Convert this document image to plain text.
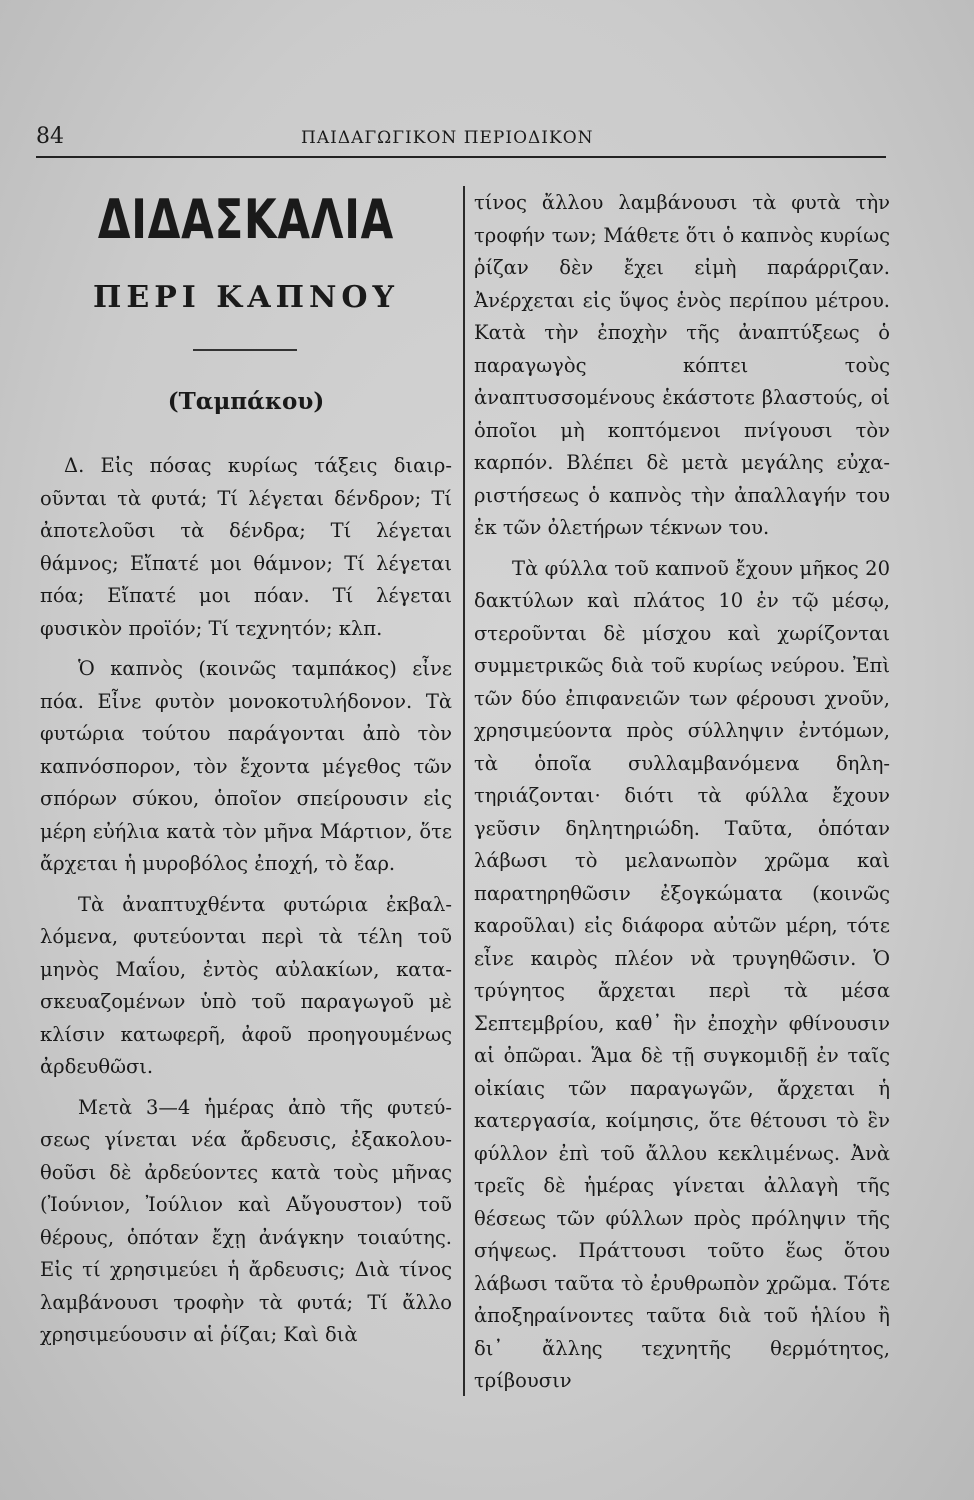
84	ΠΑΙΔΑΓΩΓΙΚΟΝ ΠΕΡΙΟΔΙΚΟΝ
ΔΙΔΑΣΚΑΛΙΑ
ΠΕΡΙ ΚΑΠΝΟΥ
(Ταμπάκου)

Δ. Εἰς πόσας κυρίως τάξεις διαιροῦνται τὰ φυτά; Τί λέγεται δένδρον; Τί ἀποτελοῦσι τὰ δένδρα; Τί λέγεται θάμνος; Εἴπατέ μοι θάμνον; Τί λέγεται πόα; Εἴπατέ μοι πόαν. Τί λέγεται φυσικὸν προϊόν; Τί τεχνητόν; κλπ.

Ὁ καπνὸς (κοινῶς ταμπάκος) εἶνε πόα. Εἶνε φυτὸν μονοκοτυλήδονον. Τὰ φυτώρια τούτου παράγονται ἀπὸ τὸν καπνόσπορον, τὸν ἔχοντα μέγεθος τῶν σπόρων σύκου, ὁποῖον σπείρουσιν εἰς μέρη εὐήλια κατὰ τὸν μῆνα Μάρτιον, ὅτε ἄρχεται ἡ μυροβόλος ἐποχή, τὸ ἔαρ.

Τὰ ἀναπτυχθέντα φυτώρια ἐκβαλλόμενα, φυτεύονται περὶ τὰ τέλη τοῦ μηνὸς Μαΐου, ἐντὸς αὐλακίων, κατασκευαζομένων ὑπὸ τοῦ παραγωγοῦ μὲ κλίσιν κατωφερῆ, ἀφοῦ προηγουμένως ἀρδευθῶσι.

Μετὰ 3—4 ἡμέρας ἀπὸ τῆς φυτεύσεως γίνεται νέα ἄρδευσις, ἐξακολουθοῦσι δὲ ἀρδεύοντες κατὰ τοὺς μῆνας (Ἰούνιον, Ἰούλιον καὶ Αὔγουστον) τοῦ θέρους, ὁπόταν ἔχῃ ἀνάγκην τοιαύτης. Εἰς τί χρησιμεύει ἡ ἄρδευσις; Διὰ τίνος λαμβάνουσι τροφὴν τὰ φυτά; Τί ἄλλο χρησιμεύουσιν αἱ ῥίζαι; Καὶ διὰ

τίνος ἄλλου λαμβάνουσι τὰ φυτὰ τὴν τροφήν των; Μάθετε ὅτι ὁ καπνὸς κυρίως ῥίζαν δὲν ἔχει εἰμὴ παράρριζαν. Ἀνέρχεται εἰς ὕψος ἑνὸς περίπου μέτρου. Κατὰ τὴν ἐποχὴν τῆς ἀναπτύξεως ὁ παραγωγὸς κόπτει τοὺς ἀναπτυσσομένους ἑκάστοτε βλαστούς, οἱ ὁποῖοι μὴ κοπτόμενοι πνίγουσι τὸν καρπόν. Βλέπει δὲ μετὰ μεγάλης εὐχαριστήσεως ὁ καπνὸς τὴν ἀπαλλαγήν του ἐκ τῶν ὀλετήρων τέκνων του.

Τὰ φύλλα τοῦ καπνοῦ ἔχουν μῆκος 20 δακτύλων καὶ πλάτος 10 ἐν τῷ μέσῳ, στεροῦνται δὲ μίσχου καὶ χωρίζονται συμμετρικῶς διὰ τοῦ κυρίως νεύρου. Ἐπὶ τῶν δύο ἐπιφανειῶν των φέρουσι χνοῦν, χρησιμεύοντα πρὸς σύλληψιν ἐντόμων, τὰ ὁποῖα συλλαμβανόμενα δηλητηριάζονται· διότι τὰ φύλλα ἔχουν γεῦσιν δηλητηριώδη. Ταῦτα, ὁπόταν λάβωσι τὸ μελανωπὸν χρῶμα καὶ παρατηρηθῶσιν ἐξογκώματα (κοινῶς καροῦλαι) εἰς διάφορα αὐτῶν μέρη, τότε εἶνε καιρὸς πλέον νὰ τρυγηθῶσιν. Ὁ τρύγητος ἄρχεται περὶ τὰ μέσα Σεπτεμβρίου, καθ᾽ ἣν ἐποχὴν φθίνουσιν αἱ ὀπῶραι. Ἅμα δὲ τῇ συγκομιδῇ ἐν ταῖς οἰκίαις τῶν παραγωγῶν, ἄρχεται ἡ κατεργασία, κοίμησις, ὅτε θέτουσι τὸ ἓν φύλλον ἐπὶ τοῦ ἄλλου κεκλιμένως. Ἀνὰ τρεῖς δὲ ἡμέρας γίνεται ἀλλαγὴ τῆς θέσεως τῶν φύλλων πρὸς πρόληψιν τῆς σήψεως. Πράττουσι τοῦτο ἕως ὅτου λάβωσι ταῦτα τὸ ἐρυθρωπὸν χρῶμα. Τότε ἀποξηραίνοντες ταῦτα διὰ τοῦ ἡλίου ἢ δι᾽ ἄλλης τεχνητῆς θερμότητος, τρίβουσιν
